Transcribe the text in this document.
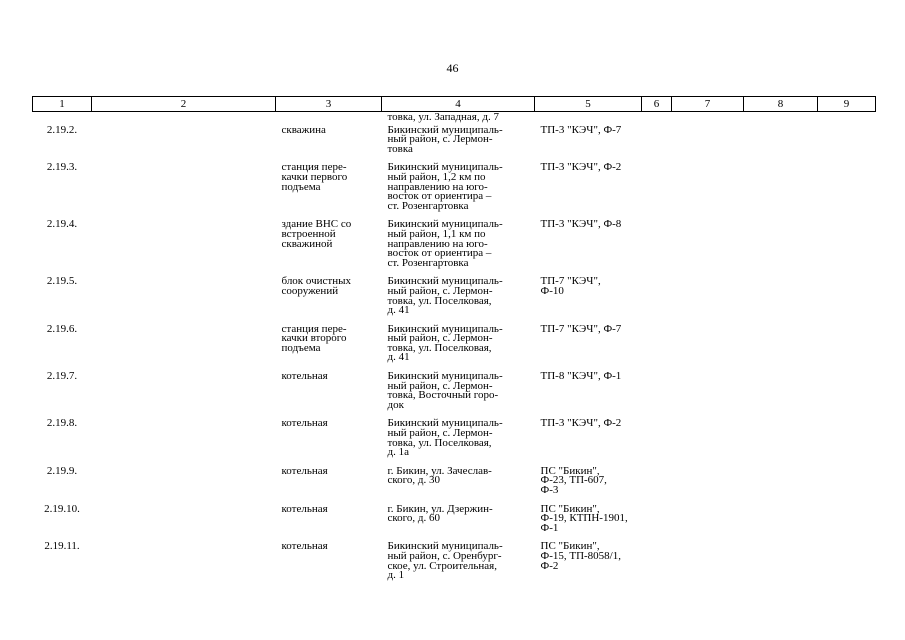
46
1	2	3	4	5	6	7	8	9
			товка, ул. Западная, д. 7					
2.19.2.		скважина	Бикинский муниципаль-
ный район, с. Лермон-
товка	ТП-3 "КЭЧ", Ф-7				
2.19.3.		станция пере-
качки первого
подъема	Бикинский муниципаль-
ный район, 1,2 км по
направлению на юго-
восток от ориентира –
ст. Розенгартовка	ТП-3 "КЭЧ", Ф-2				
2.19.4.		здание ВНС со
встроенной
скважиной	Бикинский муниципаль-
ный район, 1,1 км по
направлению на юго-
восток от ориентира –
ст. Розенгартовка	ТП-3 "КЭЧ", Ф-8				
2.19.5.		блок очистных
сооружений	Бикинский муниципаль-
ный район, с. Лермон-
товка, ул. Поселковая,
д. 41	ТП-7 "КЭЧ",
Ф-10				
2.19.6.		станция пере-
качки второго
подъема	Бикинский муниципаль-
ный район, с. Лермон-
товка, ул. Поселковая,
д. 41	ТП-7 "КЭЧ", Ф-7				
2.19.7.		котельная	Бикинский муниципаль-
ный район, с. Лермон-
товка, Восточный горо-
док	ТП-8 "КЭЧ", Ф-1				
2.19.8.		котельная	Бикинский муниципаль-
ный район, с. Лермон-
товка, ул. Поселковая,
д. 1а	ТП-3 "КЭЧ", Ф-2				
2.19.9.		котельная	г. Бикин, ул. Зачеслав-
ского, д. 30	ПС "Бикин",
Ф-23, ТП-607,
Ф-3				
2.19.10.		котельная	г. Бикин, ул. Дзержин-
ского, д. 60	ПС "Бикин",
Ф-19, КТПН-1901,
Ф-1				
2.19.11.		котельная	Бикинский муниципаль-
ный район, с. Оренбург-
ское, ул. Строительная,
д. 1	ПС "Бикин",
Ф-15, ТП-8058/1,
Ф-2				
